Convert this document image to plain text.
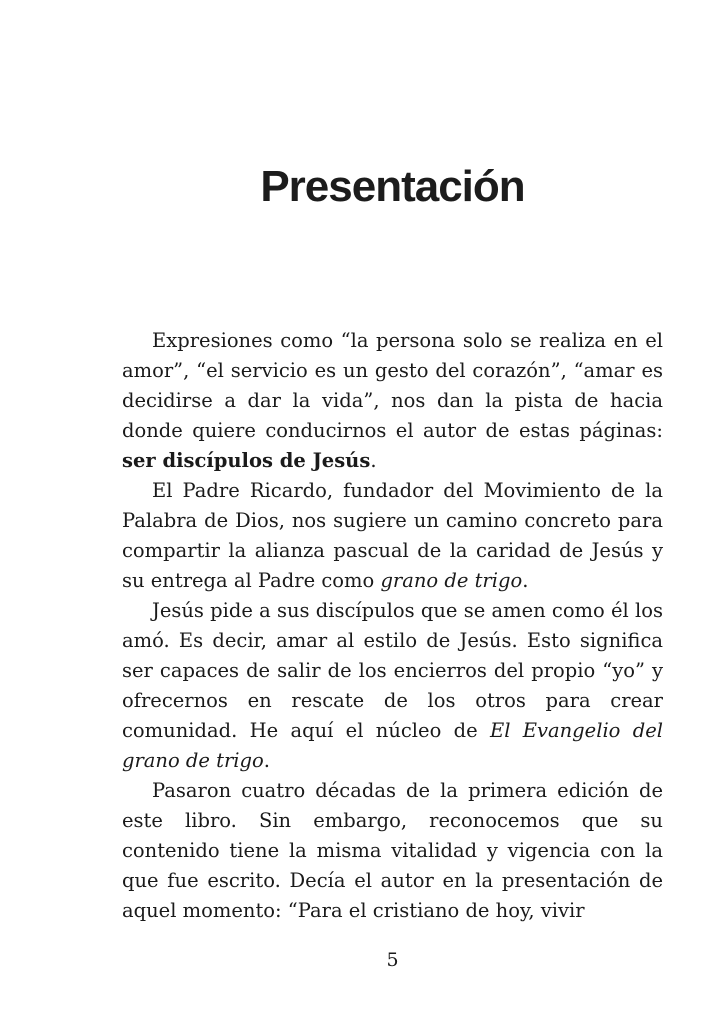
Presentación

Expresiones como “la persona solo se realiza en el amor”, “el servicio es un gesto del corazón”, “amar es decidirse a dar la vida”, nos dan la pista de hacia donde quiere conducirnos el autor de estas páginas: ser discípulos de Jesús.

El Padre Ricardo, fundador del Movimiento de la Palabra de Dios, nos sugiere un camino concreto para compartir la alianza pascual de la caridad de Jesús y su entrega al Padre como grano de trigo.

Jesús pide a sus discípulos que se amen como él los amó. Es decir, amar al estilo de Jesús. Esto significa ser capaces de salir de los encierros del propio “yo” y ofrecernos en rescate de los otros para crear comunidad. He aquí el núcleo de El Evangelio del grano de trigo.

Pasaron cuatro décadas de la primera edición de este libro. Sin embargo, reconocemos que su contenido tiene la misma vitalidad y vigencia con la que fue escrito. Decía el autor en la presentación de aquel momento: “Para el cristiano de hoy, vivir

5
